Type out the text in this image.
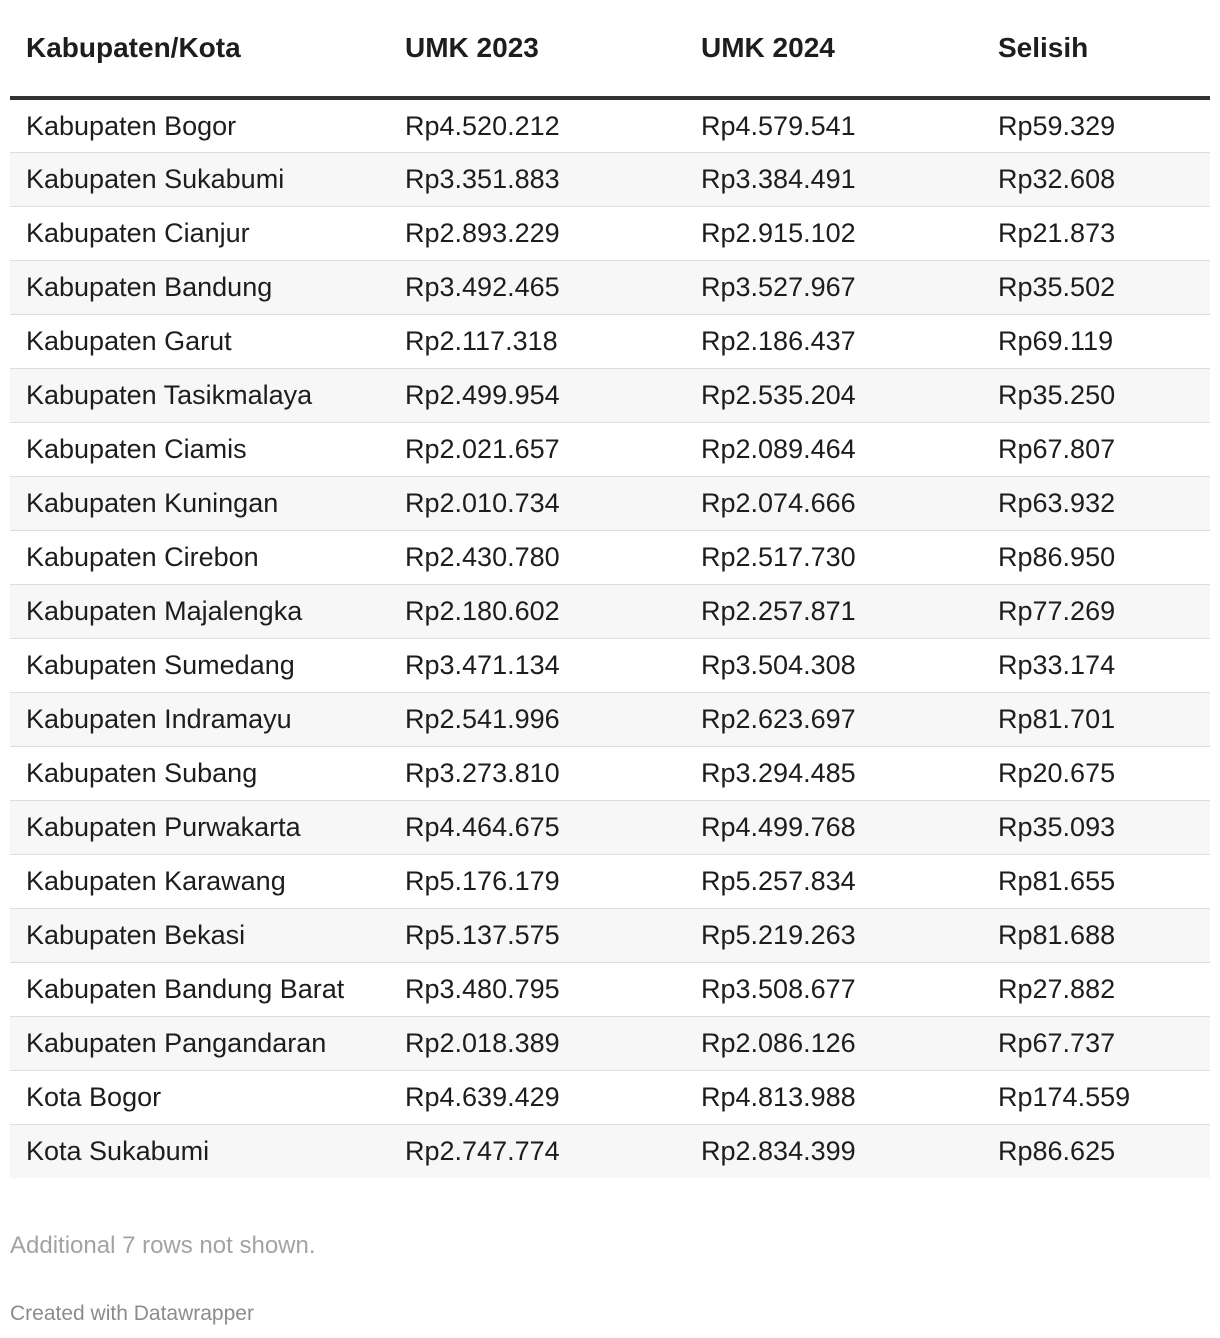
Kabupaten/Kota	UMK 2023	UMK 2024	Selisih
Kabupaten Bogor	Rp4.520.212	Rp4.579.541	Rp59.329
Kabupaten Sukabumi	Rp3.351.883	Rp3.384.491	Rp32.608
Kabupaten Cianjur	Rp2.893.229	Rp2.915.102	Rp21.873
Kabupaten Bandung	Rp3.492.465	Rp3.527.967	Rp35.502
Kabupaten Garut	Rp2.117.318	Rp2.186.437	Rp69.119
Kabupaten Tasikmalaya	Rp2.499.954	Rp2.535.204	Rp35.250
Kabupaten Ciamis	Rp2.021.657	Rp2.089.464	Rp67.807
Kabupaten Kuningan	Rp2.010.734	Rp2.074.666	Rp63.932
Kabupaten Cirebon	Rp2.430.780	Rp2.517.730	Rp86.950
Kabupaten Majalengka	Rp2.180.602	Rp2.257.871	Rp77.269
Kabupaten Sumedang	Rp3.471.134	Rp3.504.308	Rp33.174
Kabupaten Indramayu	Rp2.541.996	Rp2.623.697	Rp81.701
Kabupaten Subang	Rp3.273.810	Rp3.294.485	Rp20.675
Kabupaten Purwakarta	Rp4.464.675	Rp4.499.768	Rp35.093
Kabupaten Karawang	Rp5.176.179	Rp5.257.834	Rp81.655
Kabupaten Bekasi	Rp5.137.575	Rp5.219.263	Rp81.688
Kabupaten Bandung Barat	Rp3.480.795	Rp3.508.677	Rp27.882
Kabupaten Pangandaran	Rp2.018.389	Rp2.086.126	Rp67.737
Kota Bogor	Rp4.639.429	Rp4.813.988	Rp174.559
Kota Sukabumi	Rp2.747.774	Rp2.834.399	Rp86.625
Additional 7 rows not shown.
Created with Datawrapper
